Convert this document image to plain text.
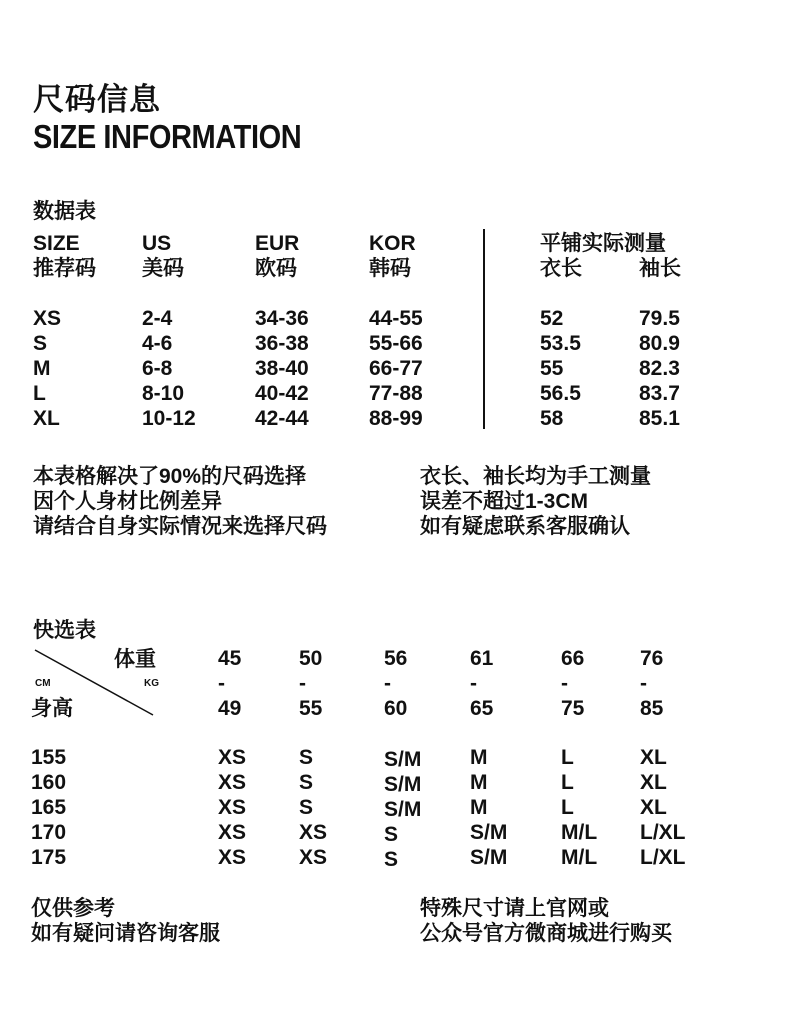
尺码信息
SIZE INFORMATION
数据表
SIZE
推荐码
US
美码
EUR
欧码
KOR
韩码
平铺实际测量
衣长	袖长
XS
S
M
L
XL
2-4
4-6
6-8
8-10
10-12
34-36
36-38
38-40
40-42
42-44
44-55
55-66
66-77
77-88
88-99
52
53.5
55
56.5
58
79.5
80.9
82.3
83.7
85.1
本表格解决了90%的尺码选择
因个人身材比例差异
请结合自身实际情况来选择尺码
衣长、袖长均为手工测量
误差不超过1-3CM
如有疑虑联系客服确认
快选表
体重
KG
CM
身高
45
-
49
50
-
55
56
-
60
61
-
65
66
-
75
76
-
85
155
160
165
170
175
XS
XS
XS
XS
XS
S
S
S
XS
XS
S/M
S/M
S/M
S
S
M
M
M
S/M
S/M
L
L
L
M/L
M/L
XL
XL
XL
L/XL
L/XL
仅供参考
如有疑问请咨询客服
特殊尺寸请上官网或
公众号官方微商城进行购买
